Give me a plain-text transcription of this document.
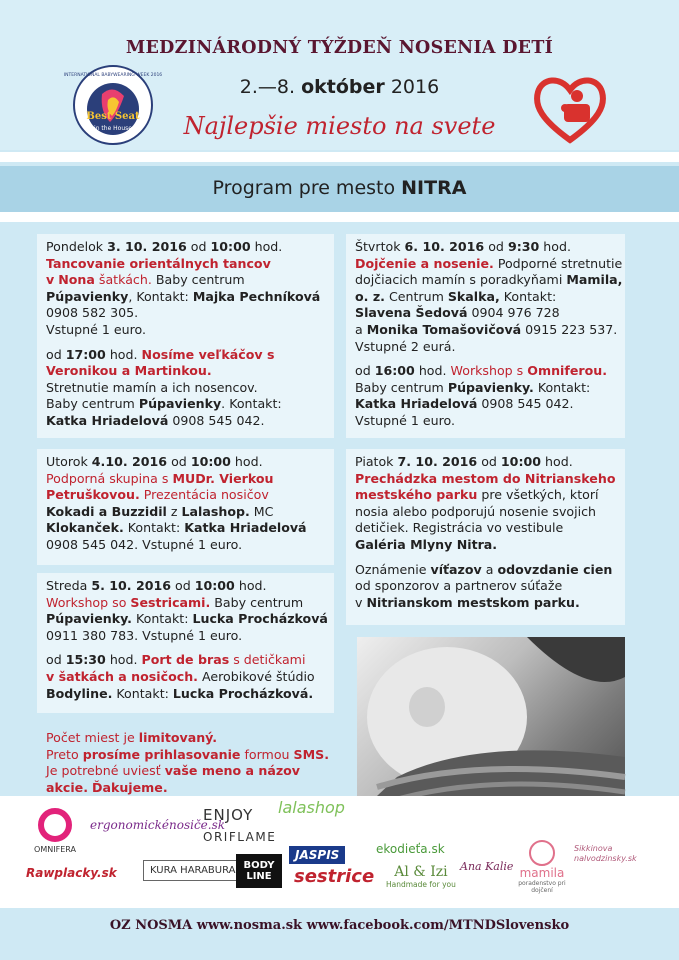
Best Seat
in the House
INTERNATIONAL BABYWEARING WEEK 2016
MEDZINÁRODNÝ TÝŽDEŇ NOSENIA DETÍ
2.—8. október 2016
Najlepšie miesto na svete
Program pre mesto NITRA

Pondelok 3. 10. 2016 od 10:00 hod.
Tancovanie orientálnych tancov
v Nona šatkách. Baby centrum
Púpavienky, Kontakt: Majka Pechníková 0908 582 305.
Vstupné 1 euro.

od 17:00 hod. Nosíme veľkáčov s Veronikou a Martinkou.
Stretnutie mamín a ich nosencov.
Baby centrum Púpavienky. Kontakt:
Katka Hriadelová 0908 545 042.

Utorok 4.10. 2016 od 10:00 hod.
Podporná skupina s MUDr. Vierkou Petruškovou. Prezentácia nosičov
Kokadi a Buzzidil z Lalashop. MC
Klokanček. Kontakt: Katka Hriadelová
0908 545 042. Vstupné 1 euro.

Streda 5. 10. 2016 od 10:00 hod.
Workshop so Sestricami. Baby centrum
Púpavienky. Kontakt: Lucka Procházková
0911 380 783. Vstupné 1 euro.

od 15:30 hod. Port de bras s detičkami
v šatkách a nosičoch. Aerobikové štúdio
Bodyline. Kontakt: Lucka Procházková.

Štvrtok 6. 10. 2016 od 9:30 hod.
Dojčenie a nosenie. Podporné stretnutie dojčiacich mamín s poradkyňami Mamila, o. z. Centrum Skalka, Kontakt:
Slavena Šedová 0904 976 728
a Monika Tomašovičová 0915 223 537.
Vstupné 2 eurá.

od 16:00 hod. Workshop s Omniferou.
Baby centrum Púpavienky. Kontakt:
Katka Hriadelová 0908 545 042.
Vstupné 1 euro.

Piatok 7. 10. 2016 od 10:00 hod.
Prechádzka mestom do Nitrianskeho mestského parku pre všetkých, ktorí nosia alebo podporujú nosenie svojich detičiek. Registrácia vo vestibule
Galéria Mlyny Nitra.

Oznámenie víťazov a odovzdanie cien
od sponzorov a partnerov súťaže
v Nitrianskom mestskom parku.

Počet miest je limitovaný.
Preto prosíme prihlasovanie formou SMS.
Je potrebné uviesť vaše meno a názov
akcie. Ďakujeme.
OMNIFERA
ergonomickénosiče.sk
ENJOY lalashop
ORIFLAME
Rawplacky.sk	KURA HARABURA BODY LINE
JASPIS
sestrice
ekodieťa.sk
Al & Izi
Handmade for you
Ana Kalie mamila
poradenstvo pri dojčení
Sikkinova nalvodzinsky.sk
OZ NOSMA www.nosma.sk www.facebook.com/MTNDSlovensko
